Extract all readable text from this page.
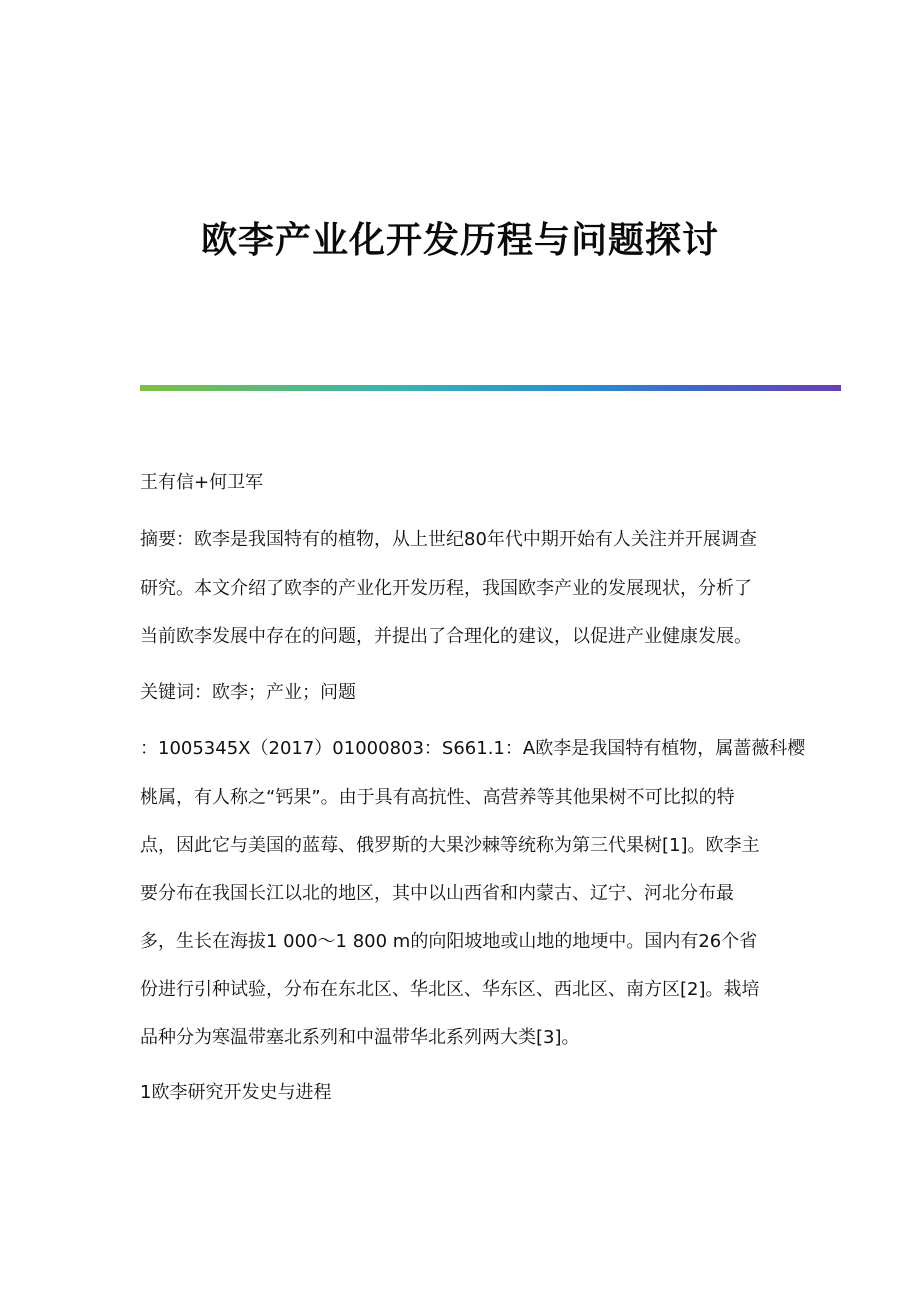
欧李产业化开发历程与问题探讨
王有信+何卫军
摘要：欧李是我国特有的植物，从上世纪80年代中期开始有人关注并开展调查
研究。本文介绍了欧李的产业化开发历程，我国欧李产业的发展现状，分析了
当前欧李发展中存在的问题，并提出了合理化的建议，以促进产业健康发展。
关键词：欧李；产业；问题
：1005345X（2017）01000803：S661.1：A欧李是我国特有植物，属蔷薇科樱
桃属，有人称之“钙果”。由于具有高抗性、高营养等其他果树不可比拟的特
点，因此它与美国的蓝莓、俄罗斯的大果沙棘等统称为第三代果树[1]。欧李主
要分布在我国长江以北的地区，其中以山西省和内蒙古、辽宁、河北分布最
多，生长在海拔1 000～1 800 m的向阳坡地或山地的地埂中。国内有26个省
份进行引种试验，分布在东北区、华北区、华东区、西北区、南方区[2]。栽培
品种分为寒温带塞北系列和中温带华北系列两大类[3]。
1欧李研究开发史与进程
